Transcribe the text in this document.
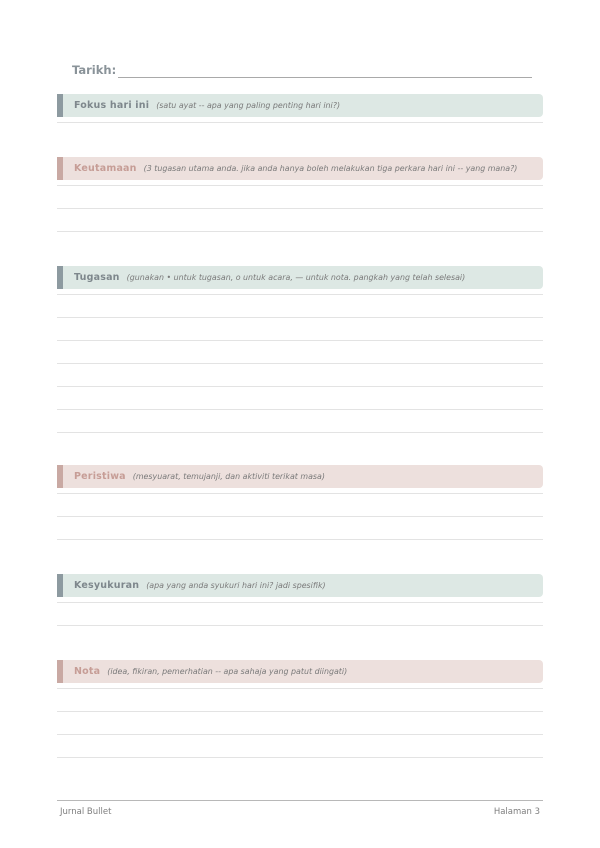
Tarikh:
Fokus hari ini (satu ayat -- apa yang paling penting hari ini?)
Keutamaan (3 tugasan utama anda. jika anda hanya boleh melakukan tiga perkara hari ini -- yang mana?)
Tugasan (gunakan • untuk tugasan, o untuk acara, — untuk nota. pangkah yang telah selesai)
Peristiwa (mesyuarat, temujanji, dan aktiviti terikat masa)
Kesyukuran (apa yang anda syukuri hari ini? jadi spesifik)
Nota (idea, fikiran, pemerhatian -- apa sahaja yang patut diingati)
Jurnal Bullet	Halaman 3
